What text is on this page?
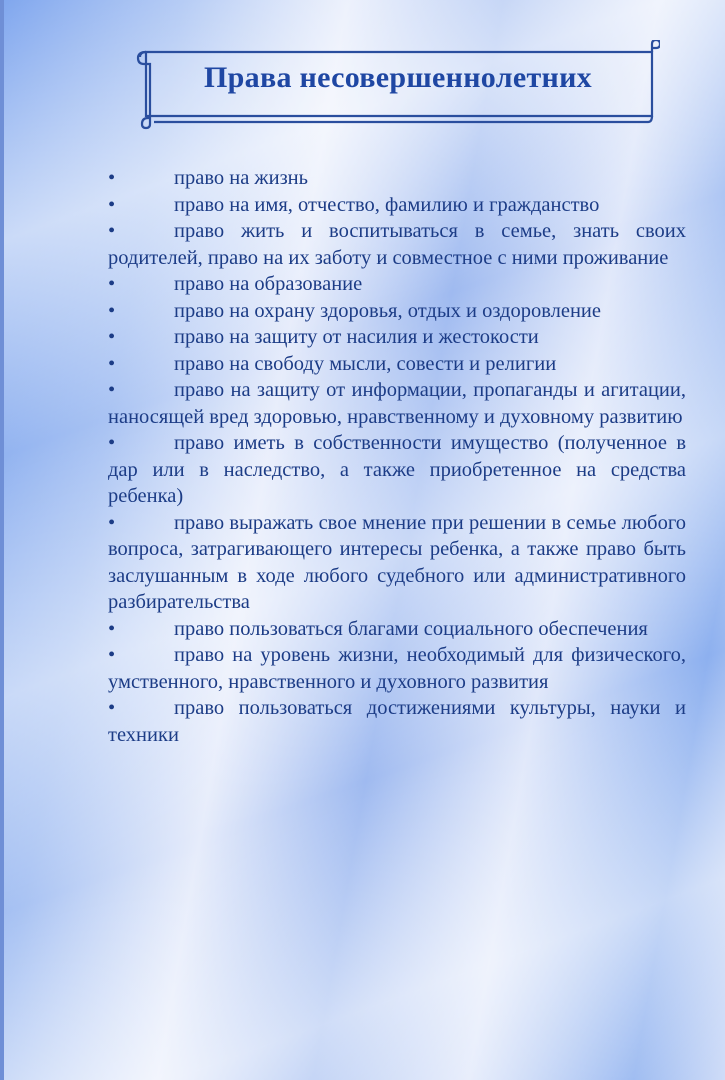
Права несовершеннолетних
•право на жизнь
•право на имя, отчество, фамилию и гражданство
•право жить и воспитываться в семье, знать своих родителей, право на их заботу и совместное с ними проживание
•право на образование
•право на охрану здоровья, отдых и оздоровление
•право на защиту от насилия и жестокости
•право на свободу мысли, совести и религии
•право на защиту от информации, пропаганды и агитации, наносящей вред здоровью, нравственному и духовному развитию
•право иметь в собственности имущество (полученное в дар или в наследство, а также приобретенное на средства ребенка)
•право выражать свое мнение при решении в семье любого вопроса, затрагивающего интересы ребенка, а также право быть заслушанным в ходе любого судебного или административного разбирательства
•право пользоваться благами социального обеспечения
•право на уровень жизни, необходимый для физического, умственного, нравственного и духовного развития
•право пользоваться достижениями культуры, науки и техники
